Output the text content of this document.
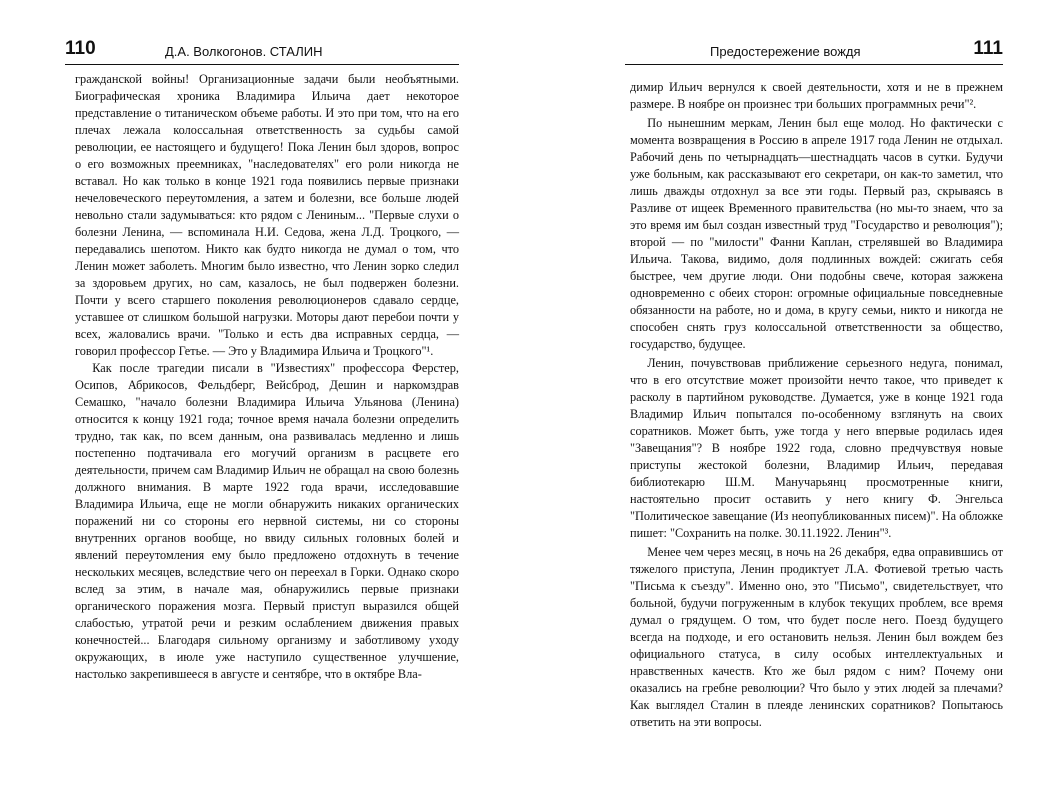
110	Д.А. Волкогонов. СТАЛИН

гражданской войны! Организационные задачи были необъятными. Биографическая хроника Владимира Ильича дает некоторое представление о титаническом объеме работы. И это при том, что на его плечах лежала колоссальная ответственность за судьбы самой революции, ее настоящего и будущего! Пока Ленин был здоров, вопрос о его возможных преемниках, "наследователях" его роли никогда не вставал. Но как только в конце 1921 года появились первые признаки нечеловеческого переутомления, а затем и болезни, все больше людей невольно стали задумываться: кто рядом с Лениным... "Первые слухи о болезни Ленина, — вспоминала Н.И. Седова, жена Л.Д. Троцкого, — передавались шепотом. Никто как будто никогда не думал о том, что Ленин может заболеть. Многим было известно, что Ленин зорко следил за здоровьем других, но сам, казалось, не был подвержен болезни. Почти у всего старшего поколения революционеров сдавало сердце, уставшее от слишком большой нагрузки. Моторы дают перебои почти у всех, жаловались врачи. "Только и есть два исправных сердца, — говорил профессор Гетье. — Это у Владимира Ильича и Троцкого"¹.

Как после трагедии писали в "Известиях" профессора Ферстер, Осипов, Абрикосов, Фельдберг, Вейсброд, Дешин и наркомздрав Семашко, "начало болезни Владимира Ильича Ульянова (Ленина) относится к концу 1921 года; точное время начала болезни определить трудно, так как, по всем данным, она развивалась медленно и лишь постепенно подтачивала его могучий организм в расцвете его деятельности, причем сам Владимир Ильич не обращал на свою болезнь должного внимания. В марте 1922 года врачи, исследовавшие Владимира Ильича, еще не могли обнаружить никаких органических поражений ни со стороны его нервной системы, ни со стороны внутренних органов вообще, но ввиду сильных головных болей и явлений переутомления ему было предложено отдохнуть в течение нескольких месяцев, вследствие чего он переехал в Горки. Однако скоро вслед за этим, в начале мая, обнаружились первые признаки органического поражения мозга. Первый приступ выразился общей слабостью, утратой речи и резким ослаблением движения правых конечностей... Благодаря сильному организму и заботливому уходу окружающих, в июле уже наступило существенное улучшение, настолько закрепившееся в августе и сентябре, что в октябре Вла-

Предостережение вождя	111

димир Ильич вернулся к своей деятельности, хотя и не в прежнем размере. В ноябре он произнес три больших программных речи"².

По нынешним меркам, Ленин был еще молод. Но фактически с момента возвращения в Россию в апреле 1917 года Ленин не отдыхал. Рабочий день по четырнадцать—шестнадцать часов в сутки. Будучи уже больным, как рассказывают его секретари, он как-то заметил, что лишь дважды отдохнул за все эти годы. Первый раз, скрываясь в Разливе от ищеек Временного правительства (но мы-то знаем, что за это время им был создан известный труд "Государство и революция"); второй — по "милости" Фанни Каплан, стрелявшей во Владимира Ильича. Такова, видимо, доля подлинных вождей: сжигать себя быстрее, чем другие люди. Они подобны свече, которая зажжена одновременно с обеих сторон: огромные официальные повседневные обязанности на работе, но и дома, в кругу семьи, никто и никогда не способен снять груз колоссальной ответственности за общество, государство, будущее.

Ленин, почувствовав приближение серьезного недуга, понимал, что в его отсутствие может произойти нечто такое, что приведет к расколу в партийном руководстве. Думается, уже в конце 1921 года Владимир Ильич попытался по-особенному взглянуть на своих соратников. Может быть, уже тогда у него впервые родилась идея "Завещания"? В ноябре 1922 года, словно предчувствуя новые приступы жестокой болезни, Владимир Ильич, передавая библиотекарю Ш.М. Манучарьянц просмотренные книги, настоятельно просит оставить у него книгу Ф. Энгельса "Политическое завещание (Из неопубликованных писем)". На обложке пишет: "Сохранить на полке. 30.11.1922. Ленин"³.

Менее чем через месяц, в ночь на 26 декабря, едва оправившись от тяжелого приступа, Ленин продиктует Л.А. Фотиевой третью часть "Письма к съезду". Именно оно, это "Письмо", свидетельствует, что больной, будучи погруженным в клубок текущих проблем, все время думал о грядущем. О том, что будет после него. Поезд будущего всегда на подходе, и его остановить нельзя. Ленин был вождем без официального статуса, в силу особых интеллектуальных и нравственных качеств. Кто же был рядом с ним? Почему они оказались на гребне революции? Что было у этих людей за плечами? Как выглядел Сталин в плеяде ленинских соратников? Попытаюсь ответить на эти вопросы.
